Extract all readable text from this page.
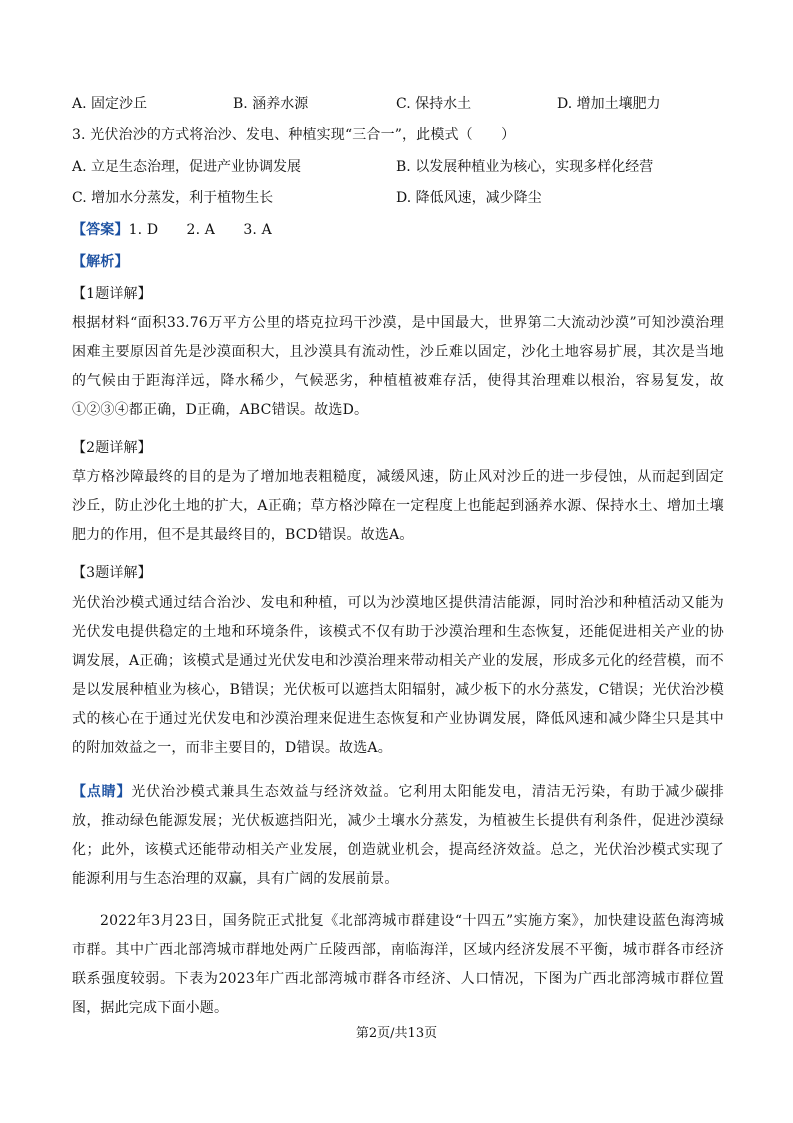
A. 固定沙丘	B. 涵养水源	C. 保持水土	D. 增加土壤肥力
3. 光伏治沙的方式将治沙、发电、种植实现“三合一”，此模式（　　）
A. 立足生态治理，促进产业协调发展	B. 以发展种植业为核心，实现多样化经营
C. 增加水分蒸发，利于植物生长	D. 降低风速，减少降尘
【答案】1. D　　2. A　　3. A
【解析】
【1题详解】
根据材料“面积33.76万平方公里的塔克拉玛干沙漠，是中国最大，世界第二大流动沙漠”可知沙漠治理困难主要原因首先是沙漠面积大，且沙漠具有流动性，沙丘难以固定，沙化土地容易扩展，其次是当地的气候由于距海洋远，降水稀少，气候恶劣，种植植被难存活，使得其治理难以根治，容易复发，故①②③④都正确，D正确，ABC错误。故选D。
【2题详解】
草方格沙障最终的目的是为了增加地表粗糙度，减缓风速，防止风对沙丘的进一步侵蚀，从而起到固定沙丘，防止沙化土地的扩大，A正确；草方格沙障在一定程度上也能起到涵养水源、保持水土、增加土壤肥力的作用，但不是其最终目的，BCD错误。故选A。
【3题详解】
光伏治沙模式通过结合治沙、发电和种植，可以为沙漠地区提供清洁能源，同时治沙和种植活动又能为光伏发电提供稳定的土地和环境条件，该模式不仅有助于沙漠治理和生态恢复，还能促进相关产业的协调发展，A正确；该模式是通过光伏发电和沙漠治理来带动相关产业的发展，形成多元化的经营模，而不是以发展种植业为核心，B错误；光伏板可以遮挡太阳辐射，减少板下的水分蒸发，C错误；光伏治沙模式的核心在于通过光伏发电和沙漠治理来促进生态恢复和产业协调发展，降低风速和减少降尘只是其中的附加效益之一，而非主要目的，D错误。故选A。
【点睛】光伏治沙模式兼具生态效益与经济效益。它利用太阳能发电，清洁无污染，有助于减少碳排放，推动绿色能源发展；光伏板遮挡阳光，减少土壤水分蒸发，为植被生长提供有利条件，促进沙漠绿化；此外，该模式还能带动相关产业发展，创造就业机会，提高经济效益。总之，光伏治沙模式实现了能源利用与生态治理的双赢，具有广阔的发展前景。
2022年3月23日，国务院正式批复《北部湾城市群建设“十四五”实施方案》，加快建设蓝色海湾城市群。其中广西北部湾城市群地处两广丘陵西部，南临海洋，区域内经济发展不平衡，城市群各市经济联系强度较弱。下表为2023年广西北部湾城市群各市经济、人口情况，下图为广西北部湾城市群位置图，据此完成下面小题。
第2页/共13页
